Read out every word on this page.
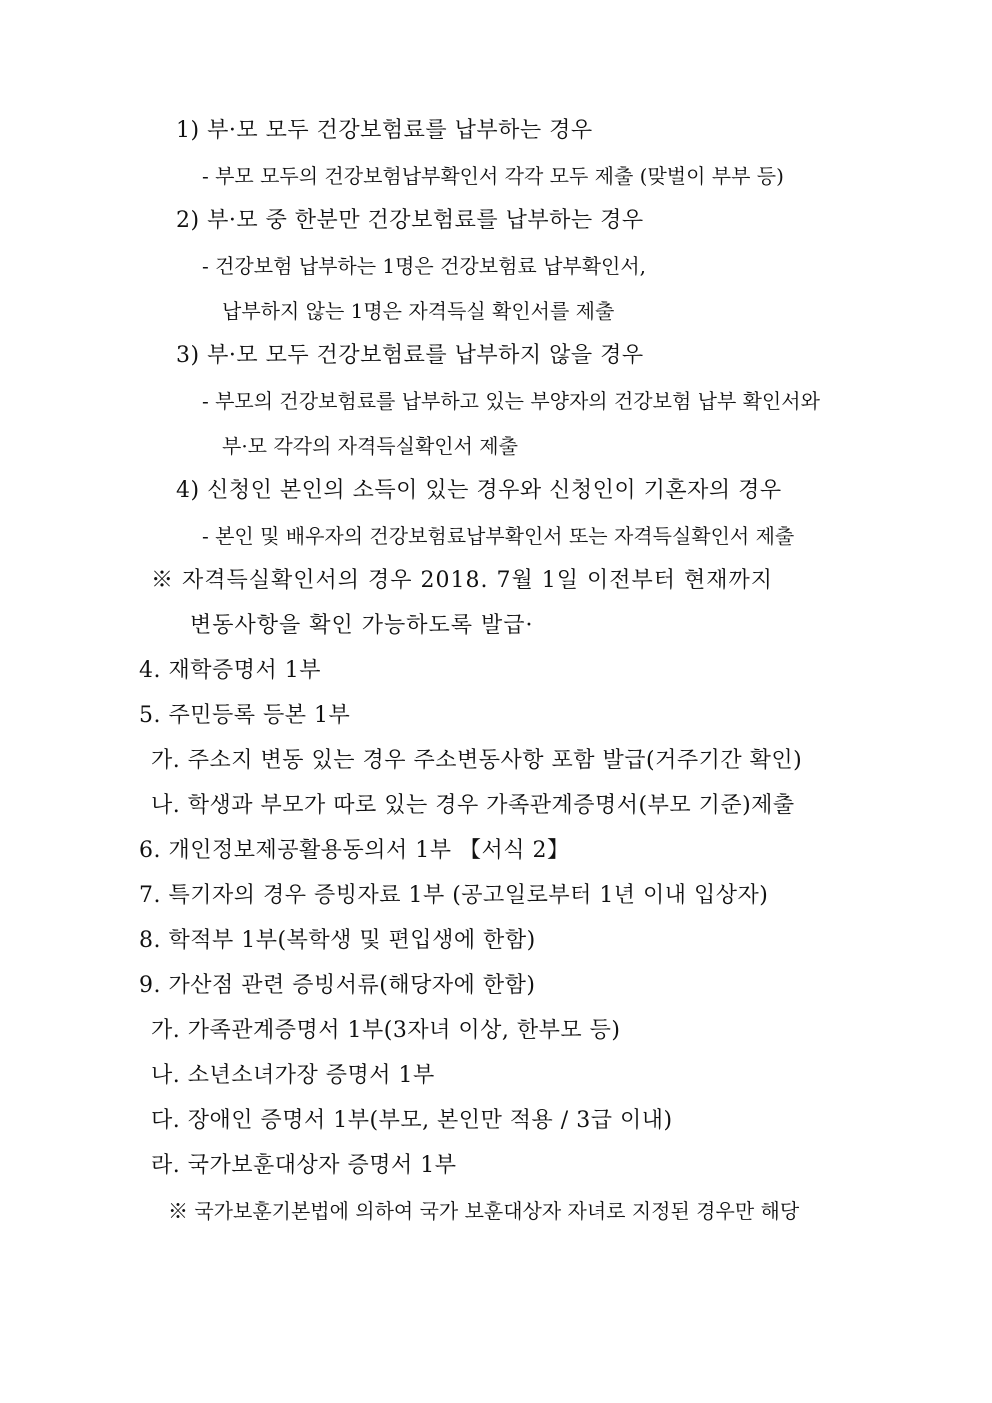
1) 부·모 모두 건강보험료를 납부하는 경우
- 부모 모두의 건강보험납부확인서 각각 모두 제출 (맞벌이 부부 등)
2) 부·모 중 한분만 건강보험료를 납부하는 경우
- 건강보험 납부하는 1명은 건강보험료 납부확인서,
납부하지 않는 1명은 자격득실 확인서를 제출
3) 부·모 모두 건강보험료를 납부하지 않을 경우
- 부모의 건강보험료를 납부하고 있는 부양자의 건강보험 납부 확인서와
부·모 각각의 자격득실확인서 제출
4) 신청인 본인의 소득이 있는 경우와 신청인이 기혼자의 경우
- 본인 및 배우자의 건강보험료납부확인서 또는 자격득실확인서 제출
※ 자격득실확인서의 경우 2018. 7월 1일 이전부터 현재까지
변동사항을 확인 가능하도록 발급·
4. 재학증명서 1부
5. 주민등록 등본 1부
가. 주소지 변동 있는 경우 주소변동사항 포함 발급(거주기간 확인)
나. 학생과 부모가 따로 있는 경우 가족관계증명서(부모 기준)제출
6. 개인정보제공활용동의서 1부 【서식 2】
7. 특기자의 경우 증빙자료 1부 (공고일로부터 1년 이내 입상자)
8. 학적부 1부(복학생 및 편입생에 한함)
9. 가산점 관련 증빙서류(해당자에 한함)
가. 가족관계증명서 1부(3자녀 이상, 한부모 등)
나. 소년소녀가장 증명서 1부
다. 장애인 증명서 1부(부모, 본인만 적용 / 3급 이내)
라. 국가보훈대상자 증명서 1부
※ 국가보훈기본법에 의하여 국가 보훈대상자 자녀로 지정된 경우만 해당
